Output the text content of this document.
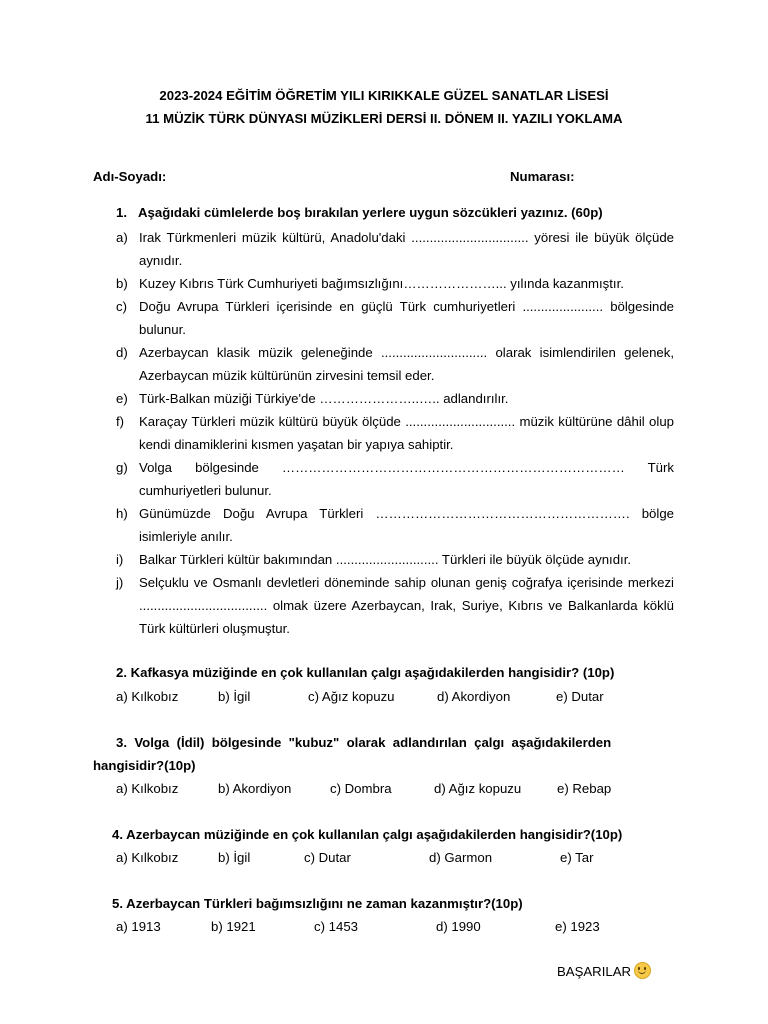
2023-2024 EĞİTİM ÖĞRETİM YILI KIRIKKALE GÜZEL SANATLAR LİSESİ
11 MÜZİK TÜRK DÜNYASI MÜZİKLERİ DERSİ II. DÖNEM II. YAZILI YOKLAMA
Adı-Soyadı:	Numarası:
1. Aşağıdaki cümlelerde boş bırakılan yerlere uygun sözcükleri yazınız. (60p)
a) Irak Türkmenleri müzik kültürü, Anadolu'daki ................................ yöresi ile büyük ölçüde aynıdır.
b) Kuzey Kıbrıs Türk Cumhuriyeti bağımsızlığını…………………... yılında kazanmıştır.
c) Doğu Avrupa Türkleri içerisinde en güçlü Türk cumhuriyetleri ...................... bölgesinde bulunur.
d) Azerbaycan klasik müzik geleneğinde ............................. olarak isimlendirilen gelenek, Azerbaycan müzik kültürünün zirvesini temsil eder.
e) Türk-Balkan müziği Türkiye'de …………………..….. adlandırılır.
f)	Karaçay Türkleri müzik kültürü büyük ölçüde .............................. müzik kültürüne dâhil olup kendi dinamiklerini kısmen yaşatan bir yapıya sahiptir.
g) Volga bölgesinde …………………………………………………………………… Türk cumhuriyetleri bulunur.
h) Günümüzde Doğu Avrupa Türkleri …………………………………………………. bölge isimleriyle anılır.
i)	Balkar Türkleri kültür bakımından ............................ Türkleri ile büyük ölçüde aynıdır.
j)	Selçuklu ve Osmanlı devletleri döneminde sahip olunan geniş coğrafya içerisinde merkezi ................................... olmak üzere Azerbaycan, Irak, Suriye, Kıbrıs ve Balkanlarda köklü Türk kültürleri oluşmuştur.
2. Kafkasya müziğinde en çok kullanılan çalgı aşağıdakilerden hangisidir? (10p)
a) Kılkobız	b) İgil	c) Ağız kopuzu	d) Akordiyon	e) Dutar
3.  Volga  (İdil)  bölgesinde  "kubuz"  olarak  adlandırılan  çalgı  aşağıdakilerden
hangisidir?(10p)
a) Kılkobız	b) Akordiyon	c) Dombra	d) Ağız kopuzu	e) Rebap
4. Azerbaycan müziğinde en çok kullanılan çalgı aşağıdakilerden hangisidir?(10p)
a) Kılkobız	b) İgil	c) Dutar	d) Garmon	e) Tar
5. Azerbaycan Türkleri bağımsızlığını ne zaman kazanmıştır?(10p)
a) 1913	b) 1921	c) 1453	d) 1990	e) 1923
BAŞARILAR
